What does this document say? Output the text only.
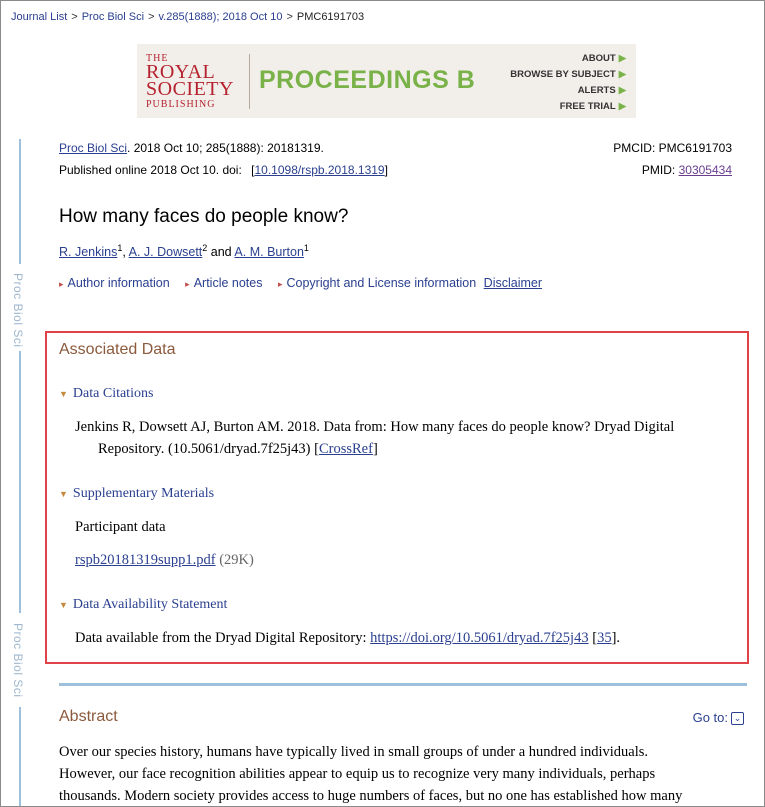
Journal List > Proc Biol Sci > v.285(1888); 2018 Oct 10 > PMC6191703
THE
ROYAL
SOCIETY
PUBLISHING
PROCEEDINGS B
ABOUT ▶
BROWSE BY SUBJECT ▶
ALERTS ▶
FREE TRIAL ▶
Proc Biol Sci
Proc Biol Sci
Proc Biol Sci. 2018 Oct 10; 285(1888): 20181319.
Published online 2018 Oct 10. doi: [10.1098/rspb.2018.1319]
PMCID: PMC6191703
PMID: 30305434
How many faces do people know?
R. Jenkins$^1$, A. J. Dowsett$^2$ and A. M. Burton$^1$
▸ Author information ▸ Article notes ▸ Copyright and License information Disclaimer
Associated Data
▼ Data Citations
Jenkins R, Dowsett AJ, Burton AM. 2018. Data from: How many faces do people know? Dryad Digital
Repository. (10.5061/dryad.7f25j43) [CrossRef]
▼ Supplementary Materials
Participant data
rspb20181319supp1.pdf (29K)
▼ Data Availability Statement
Data available from the Dryad Digital Repository: https://doi.org/10.5061/dryad.7f25j43 [35].
Abstract	Go to: ⌄
Over our species history, humans have typically lived in small groups of under a hundred individuals.
However, our face recognition abilities appear to equip us to recognize very many individuals, perhaps
thousands. Modern society provides access to huge numbers of faces, but no one has established how many
